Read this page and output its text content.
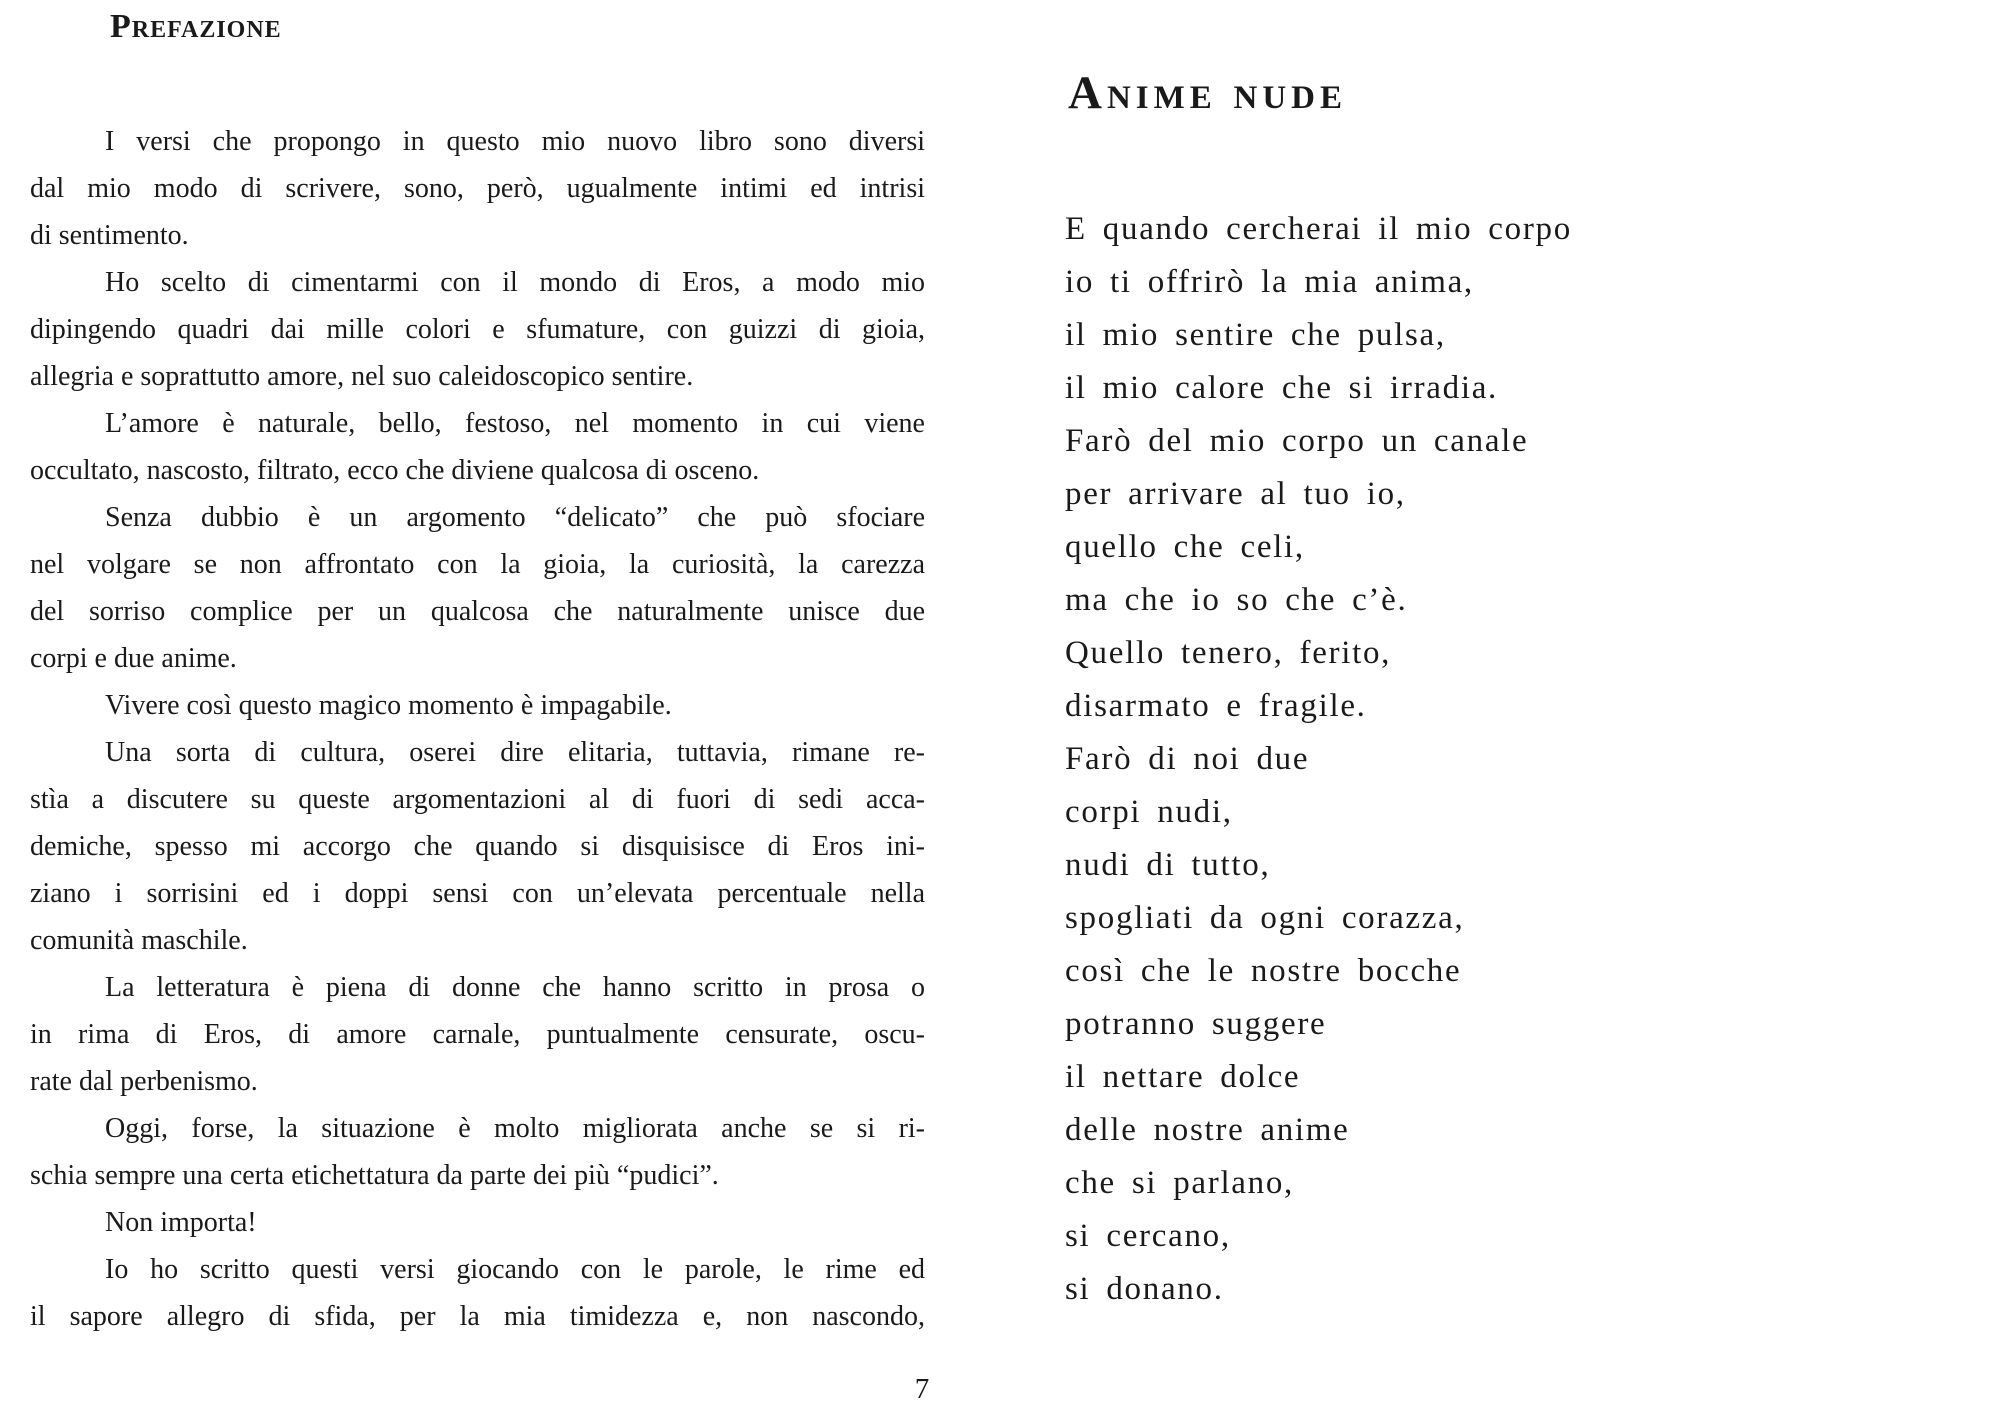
Prefazione
I versi che propongo in questo mio nuovo libro sono diversi
dal mio modo di scrivere, sono, però, ugualmente intimi ed intrisi
di sentimento.
Ho scelto di cimentarmi con il mondo di Eros, a modo mio
dipingendo quadri dai mille colori e sfumature, con guizzi di gioia,
allegria e soprattutto amore, nel suo caleidoscopico sentire.
L’amore è naturale, bello, festoso, nel momento in cui viene
occultato, nascosto, filtrato, ecco che diviene qualcosa di osceno.
Senza dubbio è un argomento “delicato” che può sfociare
nel volgare se non affrontato con la gioia, la curiosità, la carezza
del sorriso complice per un qualcosa che naturalmente unisce due
corpi e due anime.
Vivere così questo magico momento è impagabile.
Una sorta di cultura, oserei dire elitaria, tuttavia, rimane re-
stìa a discutere su queste argomentazioni al di fuori di sedi acca-
demiche, spesso mi accorgo che quando si disquisisce di Eros ini-
ziano i sorrisini ed i doppi sensi con un’elevata percentuale nella
comunità maschile.
La letteratura è piena di donne che hanno scritto in prosa o
in rima di Eros, di amore carnale, puntualmente censurate, oscu-
rate dal perbenismo.
Oggi, forse, la situazione è molto migliorata anche se si ri-
schia sempre una certa etichettatura da parte dei più “pudici”.
Non importa!
Io ho scritto questi versi giocando con le parole, le rime ed
il sapore allegro di sfida, per la mia timidezza e, non nascondo,
Anime nude
E quando cercherai il mio corpo
io ti offrirò la mia anima,
il mio sentire che pulsa,
il mio calore che si irradia.
Farò del mio corpo un canale
per arrivare al tuo io,
quello che celi,
ma che io so che c’è.
Quello tenero, ferito,
disarmato e fragile.
Farò di noi due
corpi nudi,
nudi di tutto,
spogliati da ogni corazza,
così che le nostre bocche
potranno suggere
il nettare dolce
delle nostre anime
che si parlano,
si cercano,
si donano.
7
